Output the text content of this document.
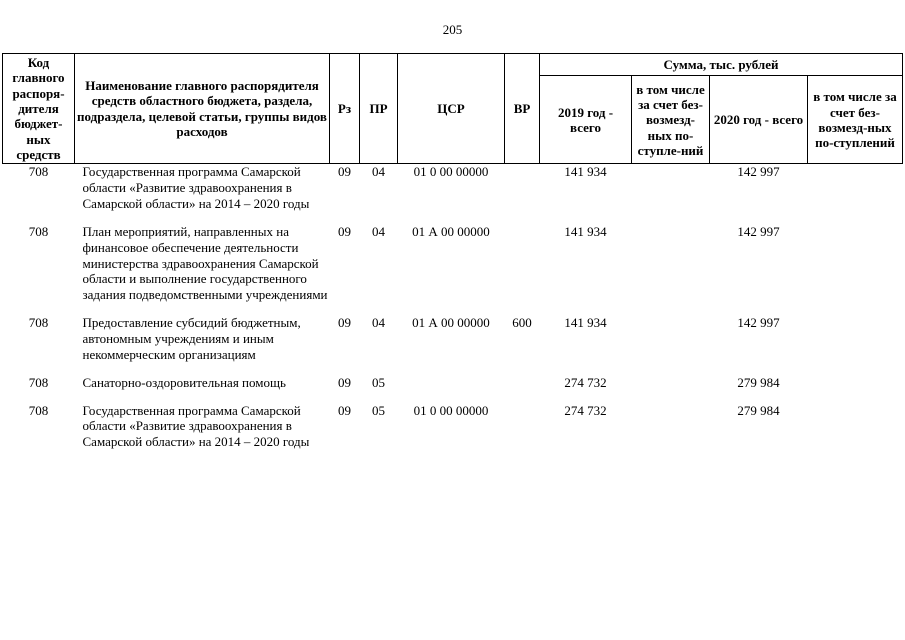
205
Код главного распоря-дителя бюджет-ных средств	Наименование главного распорядителя средств областного бюджета, раздела, подраздела, целевой статьи, группы видов расходов	Рз	ПР	ЦСР	ВР	Сумма, тыс. рублей			
						2019 год - всего	в том числе за счет без-возмезд-ных по-ступле-ний	2020 год - всего	в том числе за счет без-возмезд-ных по-ступлений
708	Государственная программа Самарской области «Развитие здравоохранения в Самарской области» на 2014 – 2020 годы	09	04	01 0 00 00000		141 934		142 997	
708	План мероприятий, направленных на финансовое обеспечение деятельности министерства здравоохранения Самарской области и выполнение государственного задания подведомственными учреждениями	09	04	01 А 00 00000		141 934		142 997	
708	Предоставление субсидий бюджетным, автономным учреждениям и иным некоммерческим организациям	09	04	01 А 00 00000	600	141 934		142 997	
708	Санаторно-оздоровительная помощь	09	05			274 732		279 984	
708	Государственная программа Самарской области «Развитие здравоохранения в Самарской области» на 2014 – 2020 годы	09	05	01 0 00 00000		274 732		279 984	
